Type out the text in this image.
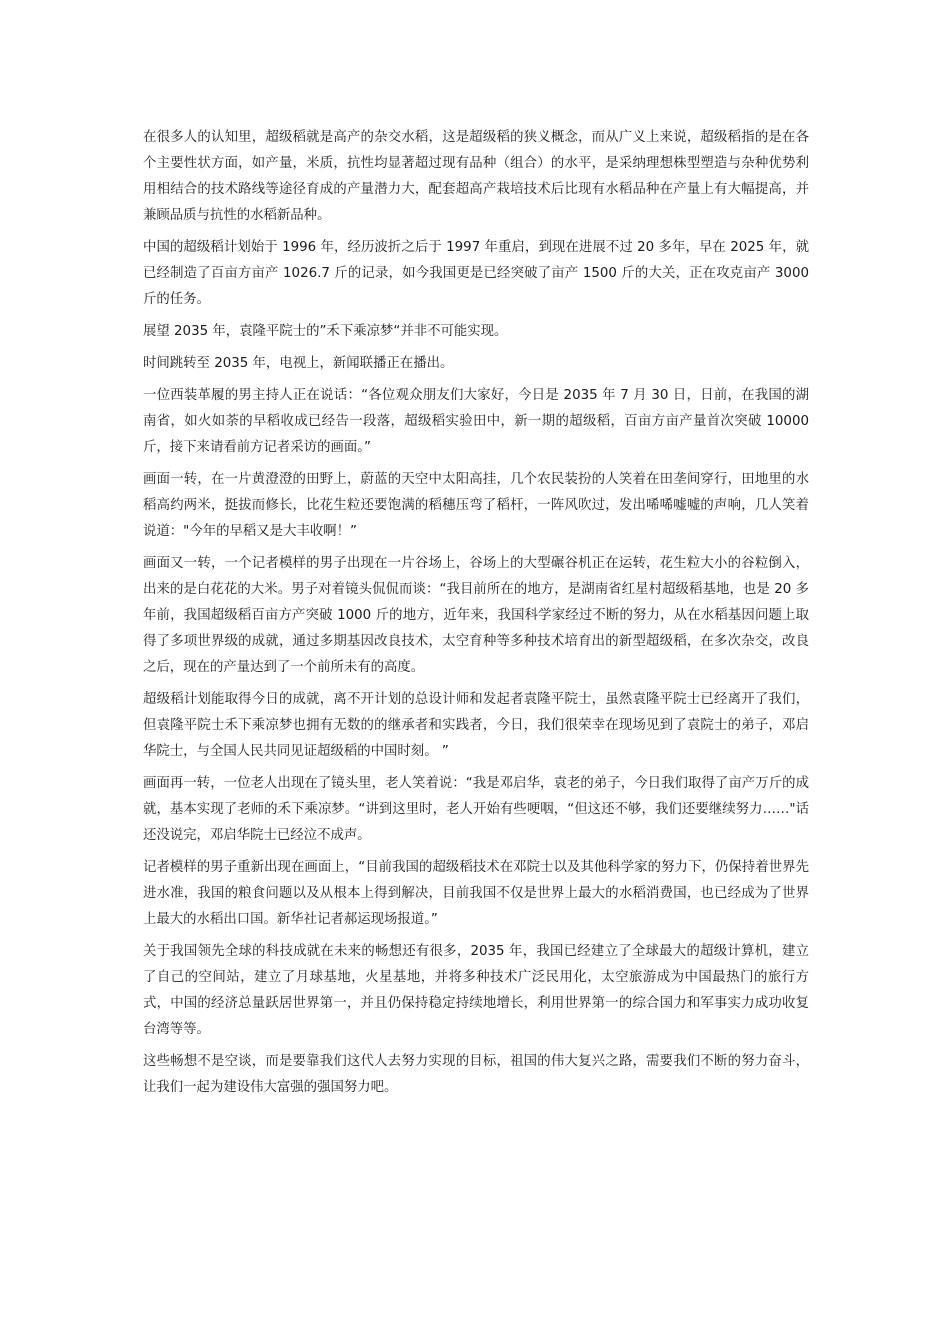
在很多人的认知里，超级稻就是高产的杂交水稻，这是超级稻的狭义概念，而从广义上来说，超级稻指的是在各个主要性状方面，如产量，米质，抗性均显著超过现有品种（组合）的水平，是采纳理想株型塑造与杂种优势利用相结合的技术路线等途径育成的产量潜力大，配套超高产栽培技术后比现有水稻品种在产量上有大幅提高，并兼顾品质与抗性的水稻新品种。

中国的超级稻计划始于 1996 年，经历波折之后于 1997 年重启，到现在进展不过 20 多年，早在 2025 年，就已经制造了百亩方亩产 1026.7 斤的记录，如今我国更是已经突破了亩产 1500 斤的大关，正在攻克亩产 3000 斤的任务。

展望 2035 年，袁隆平院士的”禾下乘凉梦“并非不可能实现。

时间跳转至 2035 年，电视上，新闻联播正在播出。

一位西装革履的男主持人正在说话：“各位观众朋友们大家好，今日是 2035 年 7 月 30 日，日前，在我国的湖南省，如火如荼的早稻收成已经告一段落，超级稻实验田中，新一期的超级稻，百亩方亩产量首次突破 10000 斤，接下来请看前方记者采访的画面。”

画面一转，在一片黄澄澄的田野上，蔚蓝的天空中太阳高挂，几个农民装扮的人笑着在田垄间穿行，田地里的水稻高约两米，挺拔而修长，比花生粒还要饱满的稻穗压弯了稻杆，一阵风吹过，发出唏唏嘘嘘的声响，几人笑着说道："今年的早稻又是大丰收啊！”

画面又一转，一个记者模样的男子出现在一片谷场上，谷场上的大型碾谷机正在运转，花生粒大小的谷粒倒入，出来的是白花花的大米。男子对着镜头侃侃而谈：“我目前所在的地方，是湖南省红星村超级稻基地，也是 20 多年前，我国超级稻百亩方产突破 1000 斤的地方，近年来，我国科学家经过不断的努力，从在水稻基因问题上取得了多项世界级的成就，通过多期基因改良技术，太空育种等多种技术培育出的新型超级稻，在多次杂交，改良之后，现在的产量达到了一个前所未有的高度。

超级稻计划能取得今日的成就，离不开计划的总设计师和发起者袁隆平院士，虽然袁隆平院士已经离开了我们，但袁隆平院士禾下乘凉梦也拥有无数的的继承者和实践者，今日，我们很荣幸在现场见到了袁院士的弟子，邓启华院士，与全国人民共同见证超级稻的中国时刻。 ”

画面再一转，一位老人出现在了镜头里，老人笑着说：“我是邓启华，袁老的弟子，今日我们取得了亩产万斤的成就，基本实现了老师的禾下乘凉梦。“讲到这里时，老人开始有些哽咽，“但这还不够，我们还要继续努力……"话还没说完，邓启华院士已经泣不成声。

记者模样的男子重新出现在画面上，“目前我国的超级稻技术在邓院士以及其他科学家的努力下，仍保持着世界先进水准，我国的粮食问题以及从根本上得到解决，目前我国不仅是世界上最大的水稻消费国，也已经成为了世界上最大的水稻出口国。新华社记者郝运现场报道。”

关于我国领先全球的科技成就在未来的畅想还有很多，2035 年，我国已经建立了全球最大的超级计算机，建立了自己的空间站，建立了月球基地，火星基地，并将多种技术广泛民用化，太空旅游成为中国最热门的旅行方式，中国的经济总量跃居世界第一，并且仍保持稳定持续地增长，利用世界第一的综合国力和军事实力成功收复台湾等等。

这些畅想不是空谈，而是要靠我们这代人去努力实现的目标，祖国的伟大复兴之路，需要我们不断的努力奋斗，让我们一起为建设伟大富强的强国努力吧。
